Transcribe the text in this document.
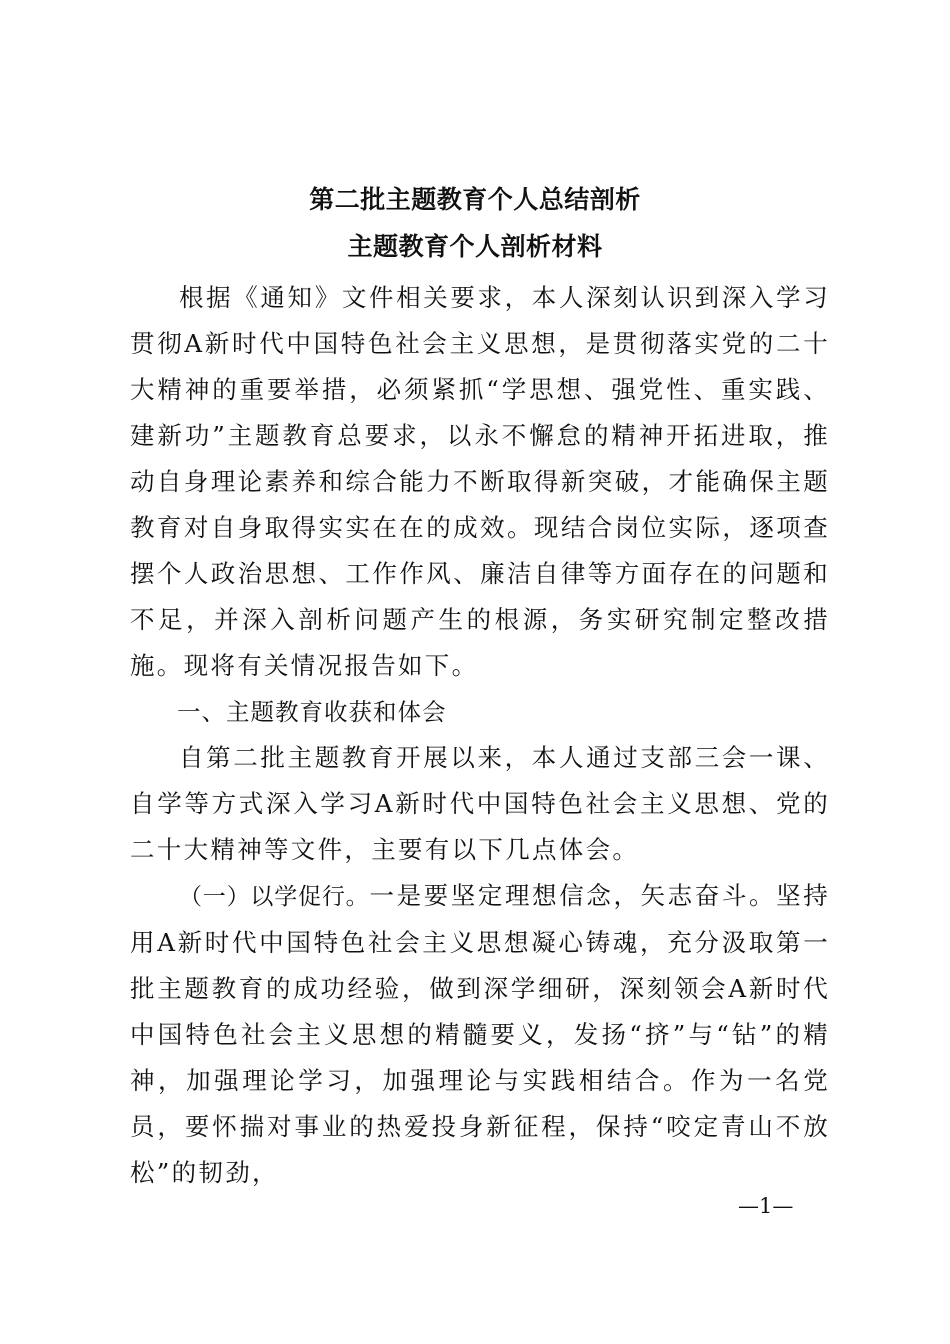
第二批主题教育个人总结剖析
主题教育个人剖析材料

根据《通知》文件相关要求，本人深刻认识到深入学习贯彻A新时代中国特色社会主义思想，是贯彻落实党的二十大精神的重要举措，必须紧抓“学思想、强党性、重实践、建新功”主题教育总要求，以永不懈怠的精神开拓进取，推动自身理论素养和综合能力不断取得新突破，才能确保主题教育对自身取得实实在在的成效。现结合岗位实际，逐项查摆个人政治思想、工作作风、廉洁自律等方面存在的问题和不足，并深入剖析问题产生的根源，务实研究制定整改措施。现将有关情况报告如下。

一、主题教育收获和体会

自第二批主题教育开展以来，本人通过支部三会一课、自学等方式深入学习A新时代中国特色社会主义思想、党的二十大精神等文件，主要有以下几点体会。

（一）以学促行。一是要坚定理想信念，矢志奋斗。坚持用A新时代中国特色社会主义思想凝心铸魂，充分汲取第一批主题教育的成功经验，做到深学细研，深刻领会A新时代中国特色社会主义思想的精髓要义，发扬“挤”与“钻”的精神，加强理论学习，加强理论与实践相结合。作为一名党员，要怀揣对事业的热爱投身新征程，保持“咬定青山不放松”的韧劲，

—1—
